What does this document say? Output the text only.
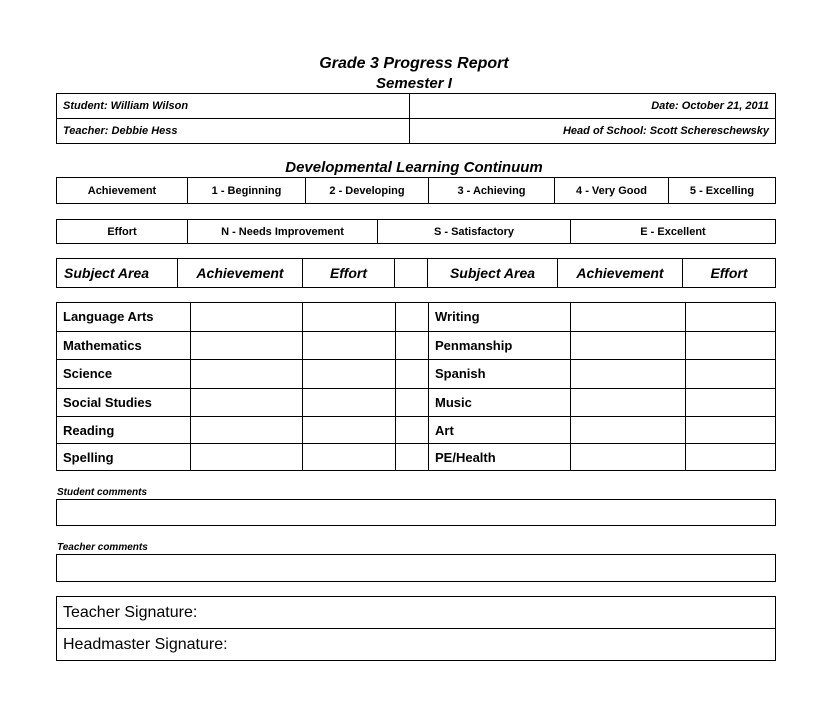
Grade 3 Progress Report
Semester I
Student: William Wilson	Date: October 21, 2011
Teacher: Debbie Hess	Head of School: Scott Schereschewsky
Developmental Learning Continuum
Achievement	1 - Beginning	2 - Developing	3 - Achieving	4 - Very Good	5 - Excelling
Effort	N - Needs Improvement	S - Satisfactory	E - Excellent
Subject Area	Achievement	Effort		Subject Area	Achievement	Effort
Language Arts				Writing		
Mathematics				Penmanship		
Science				Spanish		
Social Studies				Music		
Reading				Art		
Spelling				PE/Health		
Student comments
Teacher comments
Teacher Signature:
Headmaster Signature:
